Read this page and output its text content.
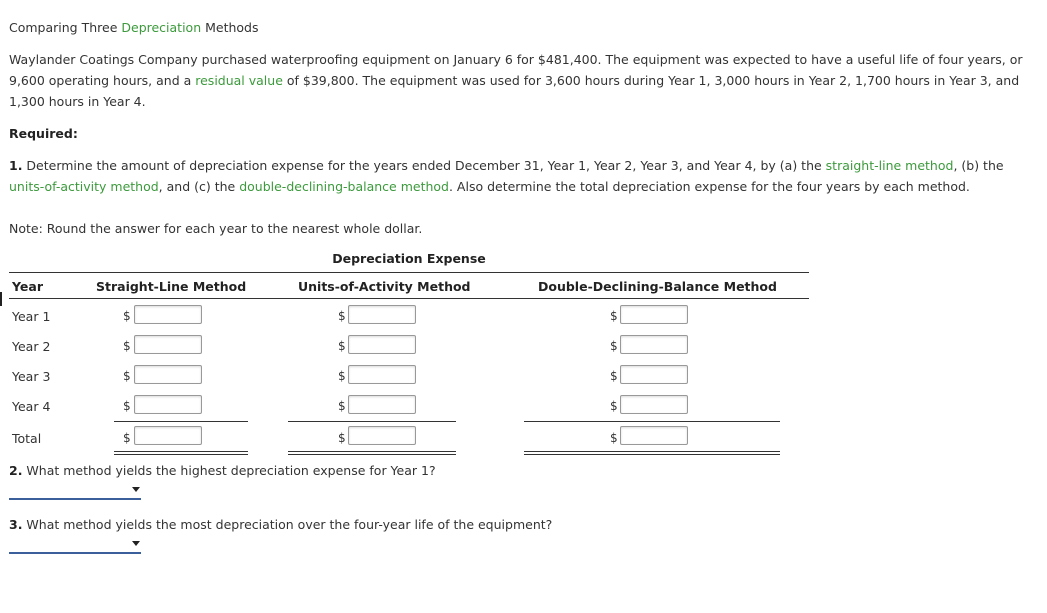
Comparing Three Depreciation Methods

Waylander Coatings Company purchased waterproofing equipment on January 6 for $481,400. The equipment was expected to have a useful life of four years, or 9,600 operating hours, and a residual value of $39,800. The equipment was used for 3,600 hours during Year 1, 3,000 hours in Year 2, 1,700 hours in Year 3, and 1,300 hours in Year 4.

Required:

1. Determine the amount of depreciation expense for the years ended December 31, Year 1, Year 2, Year 3, and Year 4, by (a) the straight-line method, (b) the units-of-activity method, and (c) the double-declining-balance method. Also determine the total depreciation expense for the four years by each method.

Note: Round the answer for each year to the nearest whole dollar.

Depreciation Expense
Year	Straight-Line Method	Units-of-Activity Method	Double-Declining-Balance Method
Year 1	$	$	$
Year 2	$	$	$
Year 3	$	$	$
Year 4	$	$	$
Total	$	$	$

2. What method yields the highest depreciation expense for Year 1?

3. What method yields the most depreciation over the four-year life of the equipment?
